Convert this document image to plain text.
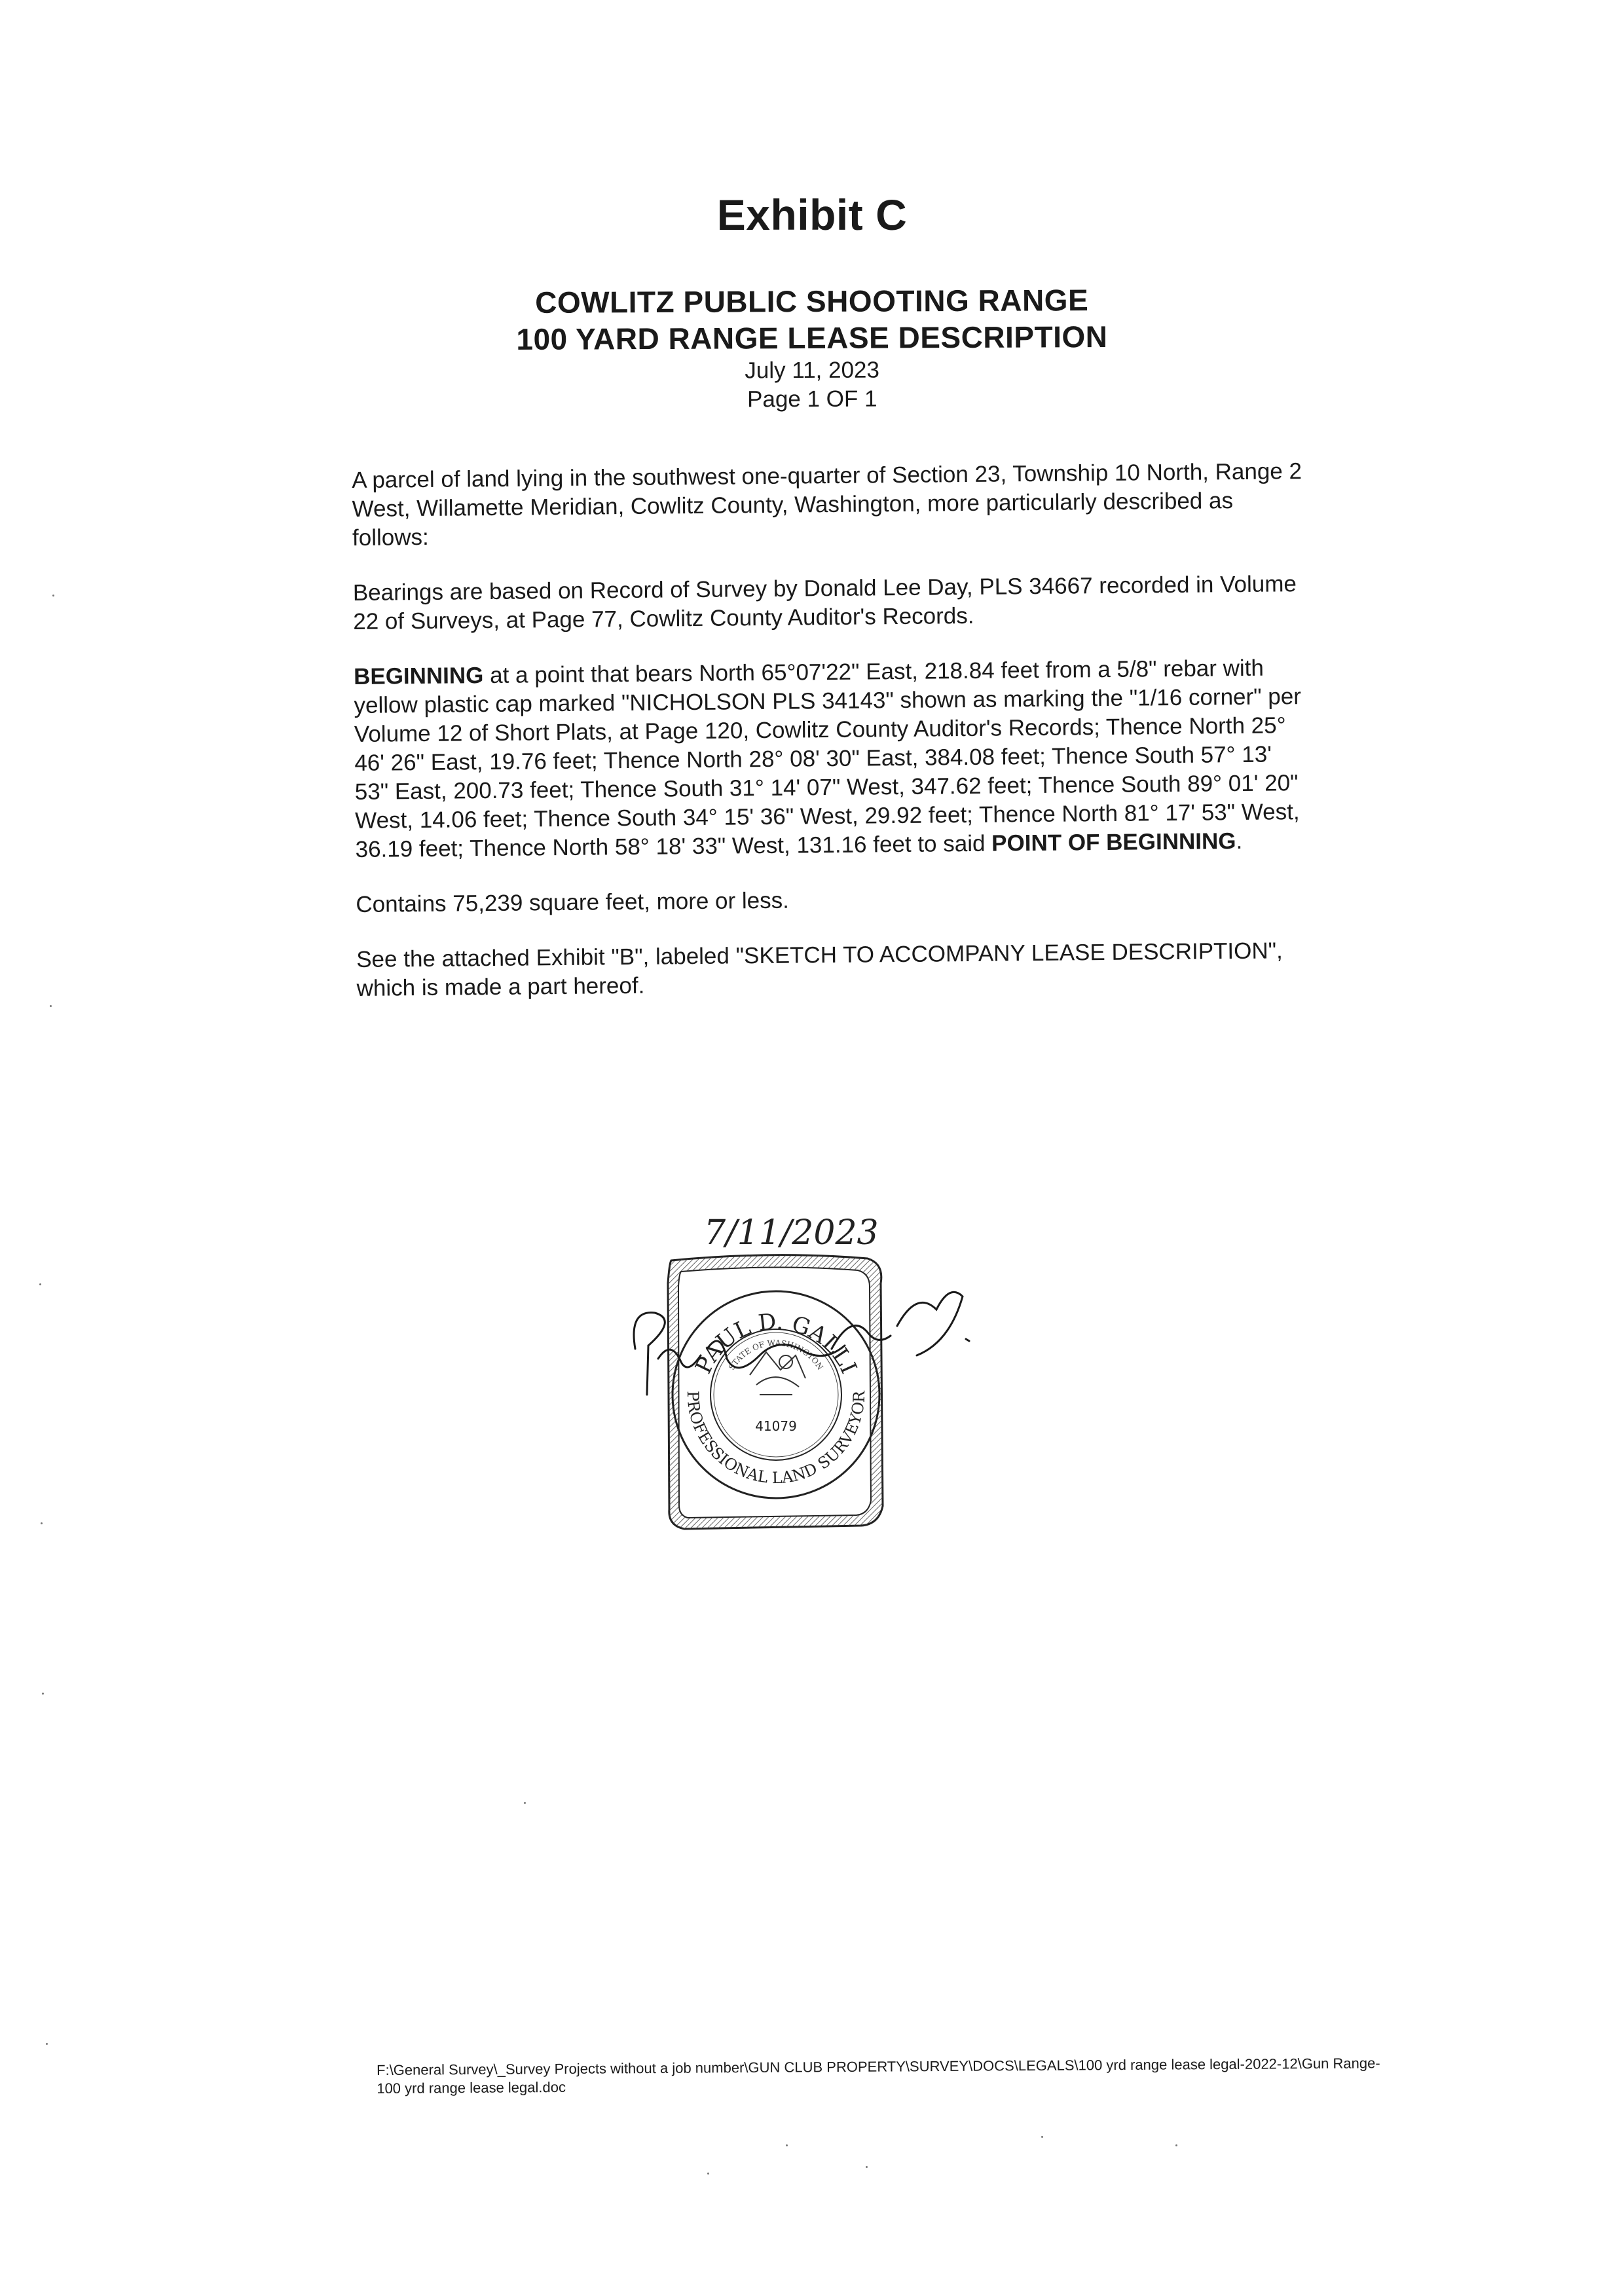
Exhibit C
COWLITZ PUBLIC SHOOTING RANGE
100 YARD RANGE LEASE DESCRIPTION
July 11, 2023
Page 1 OF 1

A parcel of land lying in the southwest one-quarter of Section 23, Township 10 North, Range 2 West, Willamette Meridian, Cowlitz County, Washington, more particularly described as follows:

Bearings are based on Record of Survey by Donald Lee Day, PLS 34667 recorded in Volume 22 of Surveys, at Page 77, Cowlitz County Auditor's Records.

BEGINNING at a point that bears North 65°07'22" East, 218.84 feet from a 5/8" rebar with yellow plastic cap marked "NICHOLSON PLS 34143" shown as marking the "1/16 corner" per Volume 12 of Short Plats, at Page 120, Cowlitz County Auditor's Records; Thence North 25° 46' 26" East, 19.76 feet; Thence North 28° 08' 30" East, 384.08 feet; Thence South 57° 13' 53" East, 200.73 feet; Thence South 31° 14' 07" West, 347.62 feet; Thence South 89° 01' 20" West, 14.06 feet; Thence South 34° 15' 36" West, 29.92 feet; Thence North 81° 17' 53" West, 36.19 feet; Thence North 58° 18' 33" West, 131.16 feet to said POINT OF BEGINNING.

Contains 75,239 square feet, more or less.

See the attached Exhibit "B", labeled "SKETCH TO ACCOMPANY LEASE DESCRIPTION", which is made a part hereof.

7/11/2023
PAUL D. GALLI
STATE OF WASHINGTON
PROFESSIONAL LAND SURVEYOR
41079
F:\General Survey\_Survey Projects without a job number\GUN CLUB PROPERTY\SURVEY\DOCS\LEGALS\100 yrd range lease legal-2022-12\Gun Range-100 yrd range lease legal.doc
